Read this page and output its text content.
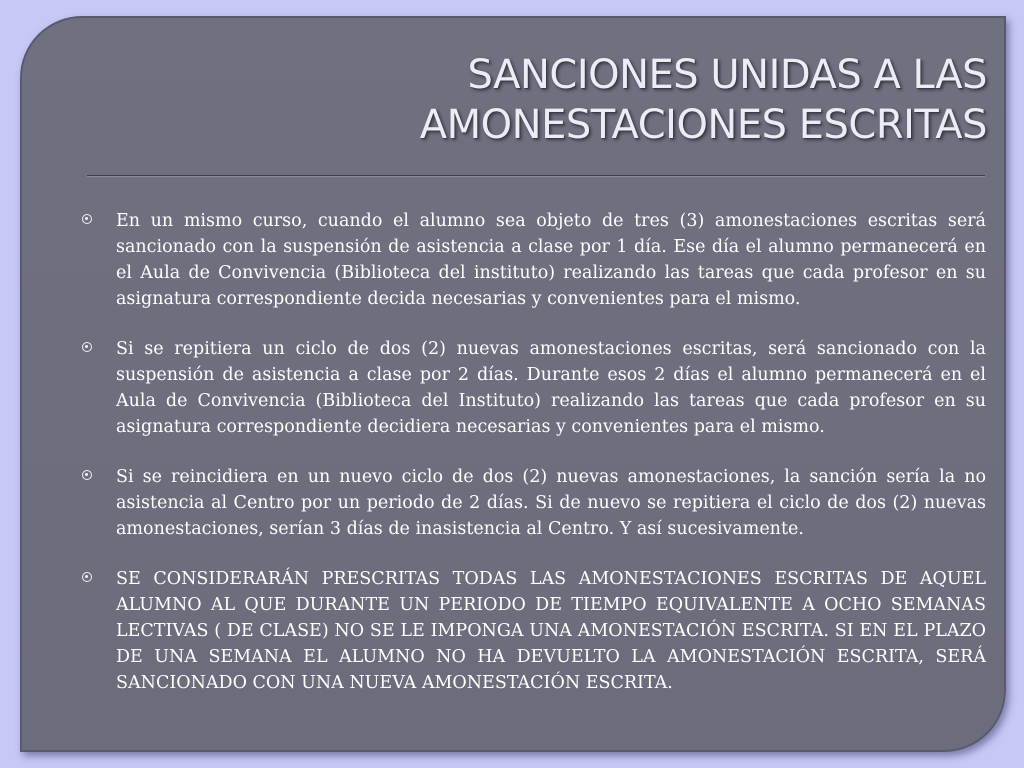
SANCIONES UNIDAS A LAS
AMONESTACIONES ESCRITAS

En un mismo curso, cuando el alumno sea objeto de tres (3) amonestaciones escritas será sancionado con la suspensión de asistencia a clase por 1 día. Ese día el alumno permanecerá en el Aula de Convivencia (Biblioteca del instituto) realizando las tareas que cada profesor en su asignatura correspondiente decida necesarias y convenientes para el mismo.

Si se repitiera un ciclo de dos (2) nuevas amonestaciones escritas, será sancionado con la suspensión de asistencia a clase por 2 días. Durante esos 2 días el alumno permanecerá en el Aula de Convivencia (Biblioteca del Instituto) realizando las tareas que cada profesor en su asignatura correspondiente decidiera necesarias y convenientes para el mismo.

Si se reincidiera en un nuevo ciclo de dos (2) nuevas amonestaciones, la sanción sería la no asistencia al Centro por un periodo de 2 días. Si de nuevo se repitiera el ciclo de dos (2) nuevas amonestaciones, serían 3 días de inasistencia al Centro. Y así sucesivamente.

SE CONSIDERARÁN PRESCRITAS TODAS LAS AMONESTACIONES ESCRITAS DE AQUEL ALUMNO AL QUE DURANTE UN PERIODO DE TIEMPO EQUIVALENTE A OCHO SEMANAS LECTIVAS ( DE CLASE) NO SE LE IMPONGA UNA AMONESTACIÓN ESCRITA. SI EN EL PLAZO DE UNA SEMANA EL ALUMNO NO HA DEVUELTO LA AMONESTACIÓN ESCRITA, SERÁ SANCIONADO CON UNA NUEVA AMONESTACIÓN ESCRITA.
